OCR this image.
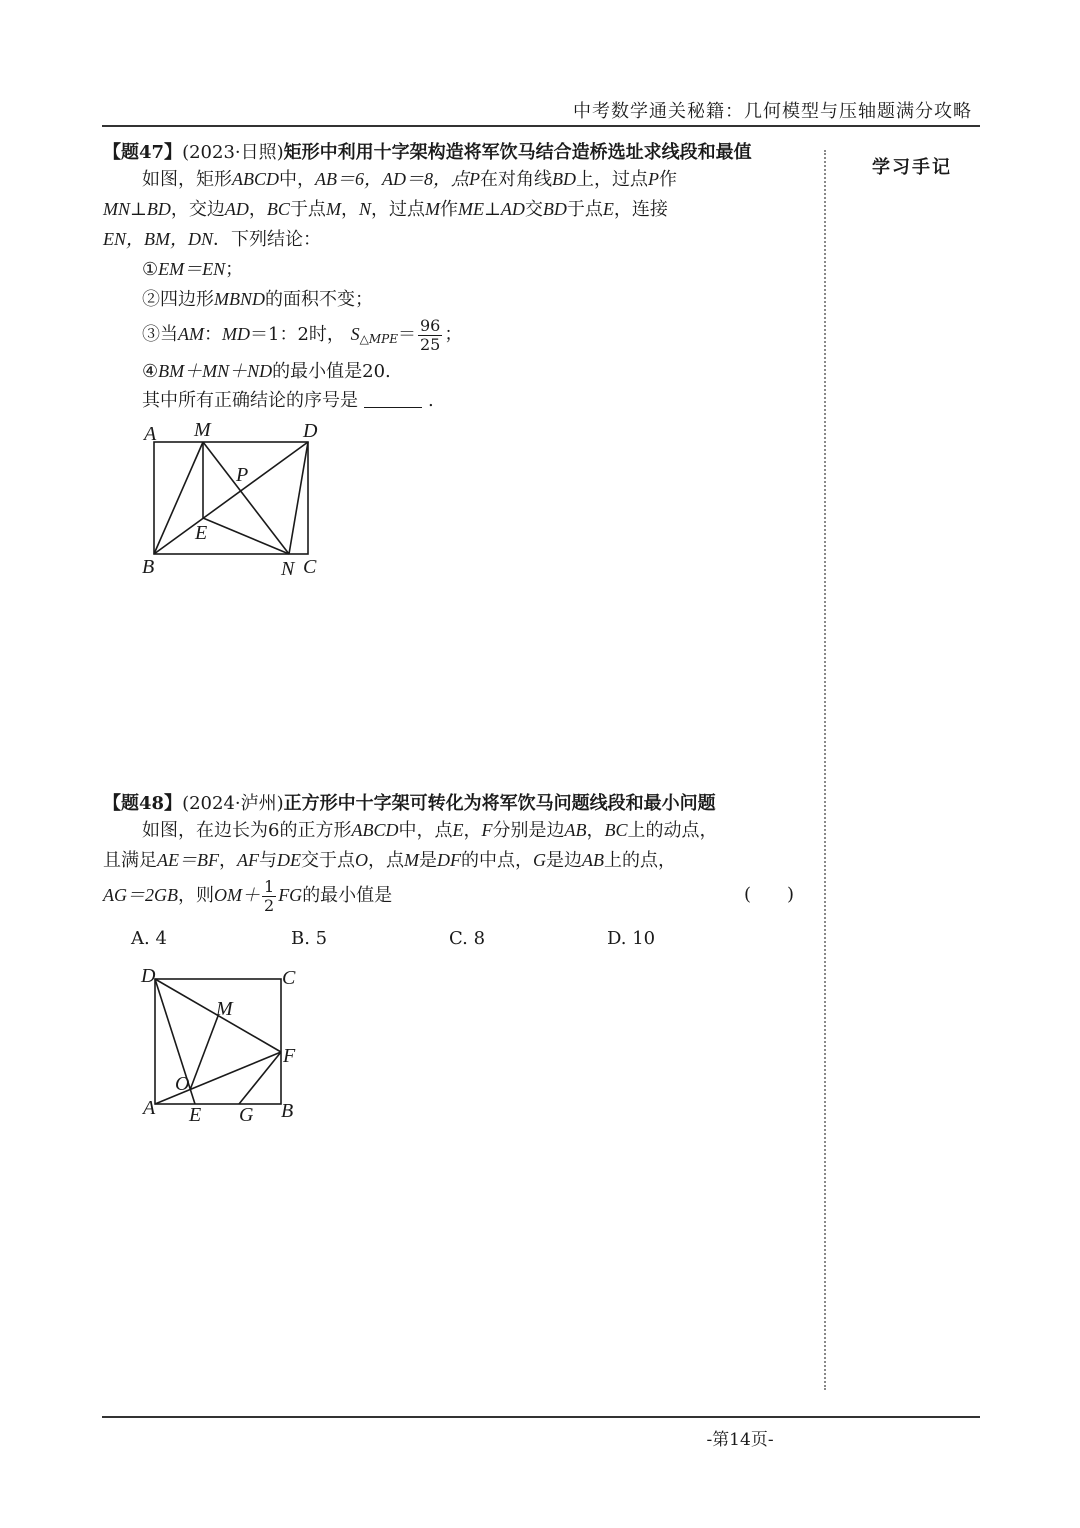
中考数学通关秘籍：几何模型与压轴题满分攻略
学习手记
【题47】(2023·日照)矩形中利用十字架构造将军饮马结合造桥选址求线段和最值
如图，矩形ABCD中，AB＝6，AD＝8，点P在对角线BD上，过点P作
MN⊥BD，交边AD，BC于点M，N，过点M作ME⊥AD交BD于点E，连接
EN，BM，DN．下列结论：
①EM＝EN；
②四边形MBND的面积不变；
③当AM：MD＝1：2时， $S_{\triangle MPE}= \frac{96}{25}$ ；
④BM＋MN＋ND的最小值是20.
其中所有正确结论的序号是	.
A M	D
P
E
B	N C
【题48】(2024·泸州)正方形中十字架可转化为将军饮马问题线段和最小问题
如图，在边长为6的正方形ABCD中，点E，F分别是边AB，BC上的动点，
且满足AE＝BF，AF与DE交于点O，点M是DF的中点，G是边AB上的点，
AG＝2GB，则$OM+ \frac{1}{2}$ FG的最小值是	(　　)
A. 4	B. 5	C. 8	D. 10
D	C
M
F
O
A E G B
-第14页-
